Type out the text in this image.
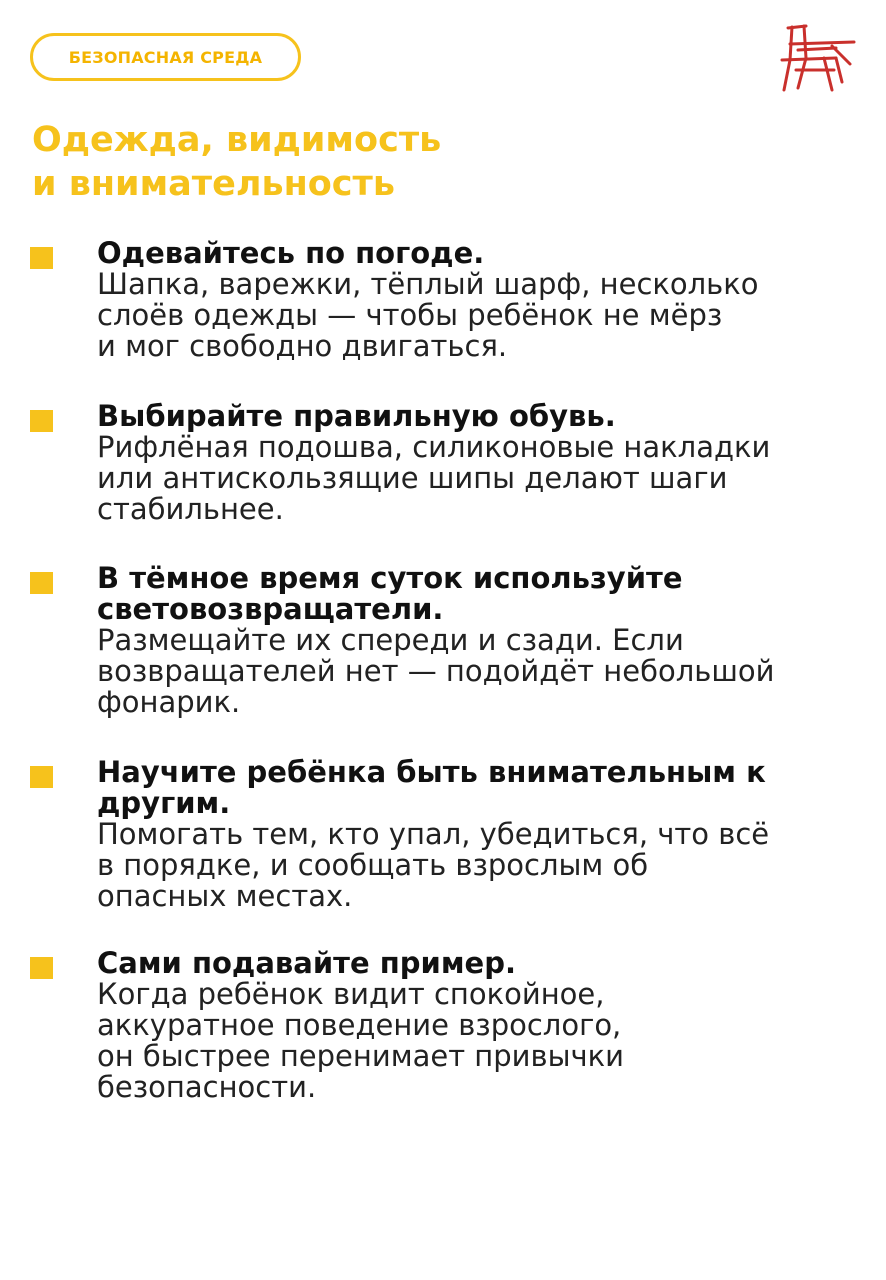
БЕЗОПАСНАЯ СРЕДА
Одежда, видимость
и внимательность
Одевайтесь по погоде.
Шапка, варежки, тёплый шарф, несколько
слоёв одежды — чтобы ребёнок не мёрз
и мог свободно двигаться.
Выбирайте правильную обувь.
Рифлёная подошва, силиконовые накладки
или антискользящие шипы делают шаги
стабильнее.
В тёмное время суток используйте
световозвращатели.
Размещайте их спереди и сзади. Если
возвращателей нет — подойдёт небольшой
фонарик.
Научите ребёнка быть внимательным к
другим.
Помогать тем, кто упал, убедиться, что всё
в порядке, и сообщать взрослым об
опасных местах.
Сами подавайте пример.
Когда ребёнок видит спокойное,
аккуратное поведение взрослого,
он быстрее перенимает привычки
безопасности.
